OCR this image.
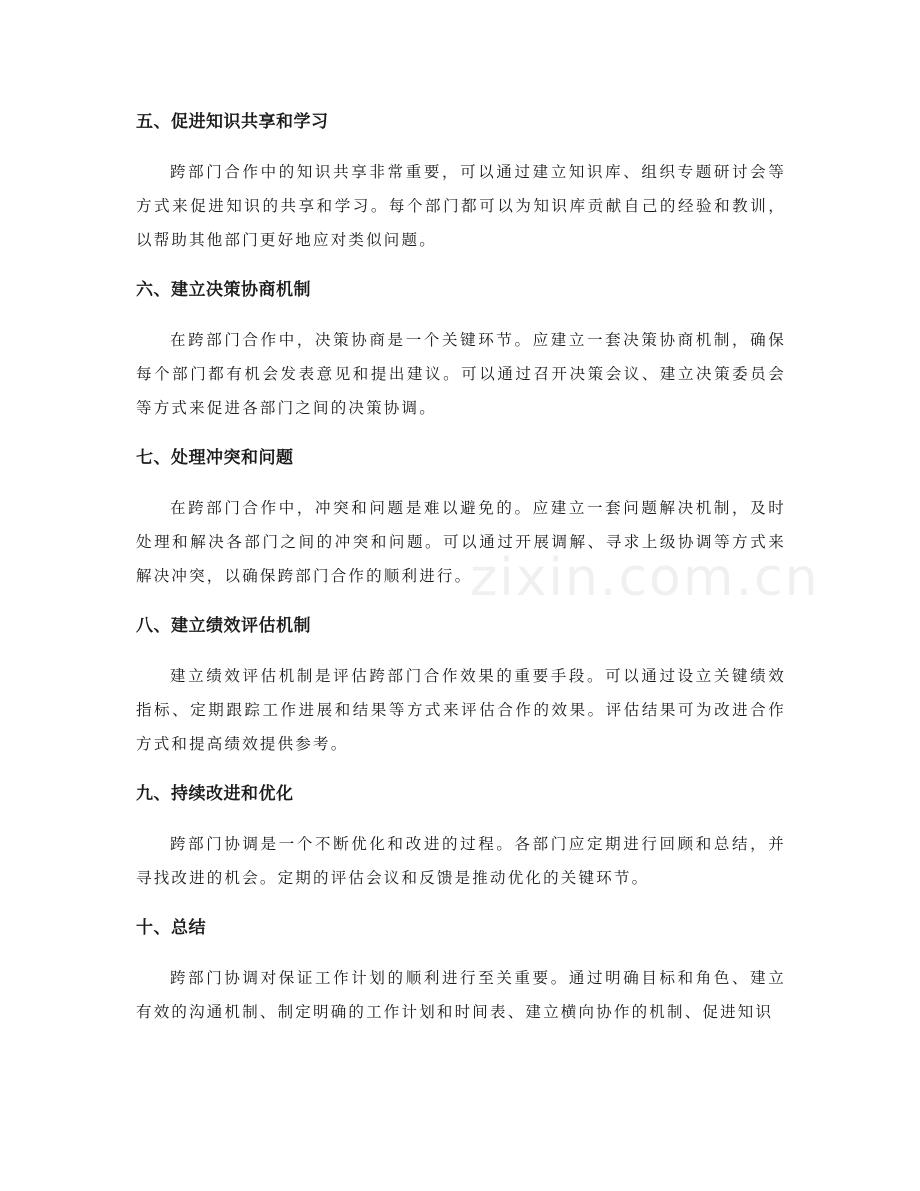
五、促进知识共享和学习

跨部门合作中的知识共享非常重要，可以通过建立知识库、组织专题研讨会等方式来促进知识的共享和学习。每个部门都可以为知识库贡献自己的经验和教训，以帮助其他部门更好地应对类似问题。

六、建立决策协商机制

在跨部门合作中，决策协商是一个关键环节。应建立一套决策协商机制，确保每个部门都有机会发表意见和提出建议。可以通过召开决策会议、建立决策委员会等方式来促进各部门之间的决策协调。

七、处理冲突和问题

在跨部门合作中，冲突和问题是难以避免的。应建立一套问题解决机制，及时处理和解决各部门之间的冲突和问题。可以通过开展调解、寻求上级协调等方式来解决冲突，以确保跨部门合作的顺利进行。

八、建立绩效评估机制

建立绩效评估机制是评估跨部门合作效果的重要手段。可以通过设立关键绩效指标、定期跟踪工作进展和结果等方式来评估合作的效果。评估结果可为改进合作方式和提高绩效提供参考。

九、持续改进和优化

跨部门协调是一个不断优化和改进的过程。各部门应定期进行回顾和总结，并寻找改进的机会。定期的评估会议和反馈是推动优化的关键环节。

十、总结

跨部门协调对保证工作计划的顺利进行至关重要。通过明确目标和角色、建立有效的沟通机制、制定明确的工作计划和时间表、建立横向协作的机制、促进知识

zixin.com.cn
